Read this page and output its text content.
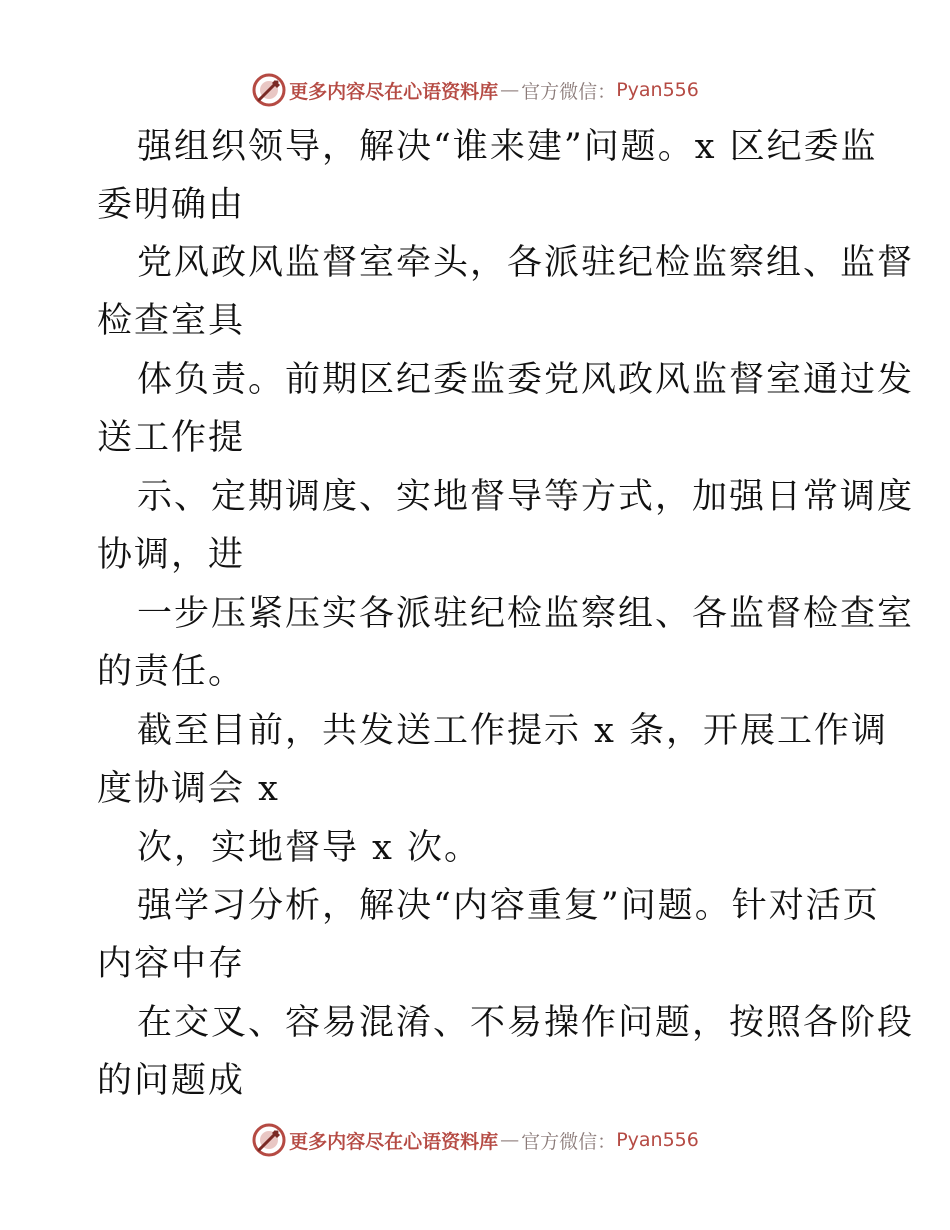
更多内容尽在心语资料库 — 官方微信： Pyan556
强组织领导，解决“谁来建”问题。x 区纪委监
委明确由
党风政风监督室牵头，各派驻纪检监察组、监督
检查室具
体负责。前期区纪委监委党风政风监督室通过发
送工作提
示、定期调度、实地督导等方式，加强日常调度
协调，进
一步压紧压实各派驻纪检监察组、各监督检查室
的责任。
截至目前，共发送工作提示 x 条，开展工作调
度协调会 x
次，实地督导 x 次。
强学习分析，解决“内容重复”问题。针对活页
内容中存
在交叉、容易混淆、不易操作问题，按照各阶段
的问题成
更多内容尽在心语资料库 — 官方微信： Pyan556
